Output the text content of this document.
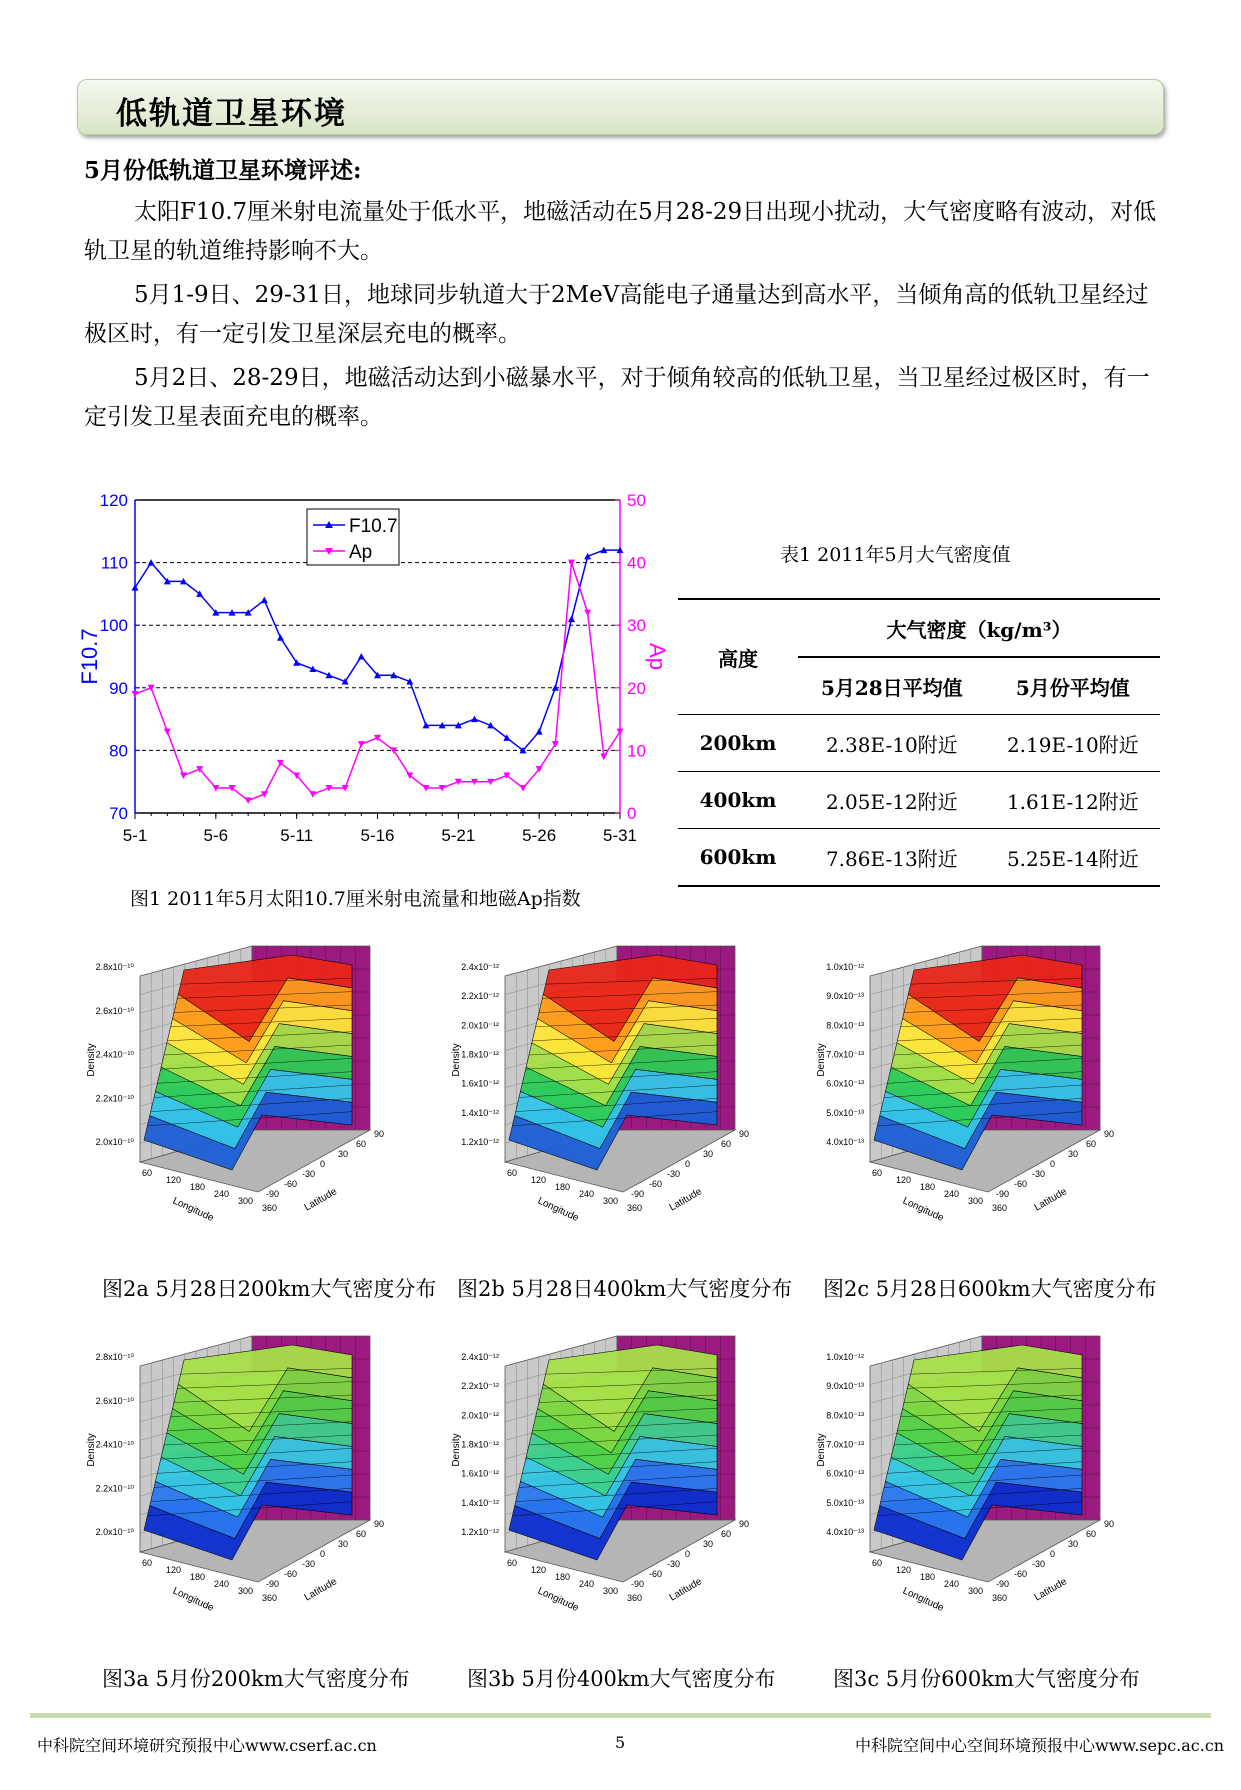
低轨道卫星环境
5月份低轨道卫星环境评述:
太阳F10.7厘米射电流量处于低水平，地磁活动在5月28-29日出现小扰动，大气密度略有波动，对低轨卫星的轨道维持影响不大。
5月1-9日、29-31日，地球同步轨道大于2MeV高能电子通量达到高水平，当倾角高的低轨卫星经过极区时，有一定引发卫星深层充电的概率。
5月2日、28-29日，地磁活动达到小磁暴水平，对于倾角较高的低轨卫星，当卫星经过极区时，有一定引发卫星表面充电的概率。
70
80
90
100
110
120
0
10
20
30
40
50
5-1	5-6	5-11	5-16	5-21	5-26	5-31
F10.7	Ap
F10.7
Ap
图1 2011年5月太阳10.7厘米射电流量和地磁Ap指数
表1 2011年5月大气密度值
高度	大气密度（kg/m³）	
	5月28日平均值	5月份平均值
200km	2.38E-10附近	2.19E-10附近
400km	2.05E-12附近	1.61E-12附近
600km	7.86E-13附近	5.25E-14附近
2.0x10⁻¹⁰
2.2x10⁻¹⁰
2.4x10⁻¹⁰
2.6x10⁻¹⁰
2.8x10⁻¹⁰
Density
60
120
180
240
300
360
Longitude
90
60
30
0
-30
-60
-90 Latitude
1.2x10⁻¹²
1.4x10⁻¹²
1.6x10⁻¹²
1.8x10⁻¹²
2.0x10⁻¹²
2.2x10⁻¹²
2.4x10⁻¹²
Density
60
120
180
240
300
360
Longitude
90
60
30
0
-30
-60
-90 Latitude
4.0x10⁻¹³
5.0x10⁻¹³
6.0x10⁻¹³
7.0x10⁻¹³
8.0x10⁻¹³
9.0x10⁻¹³
1.0x10⁻¹²
Density
60
120
180
240
300
360
Longitude
90
60
30
0
-30
-60
-90 Latitude
2.0x10⁻¹⁰
2.2x10⁻¹⁰
2.4x10⁻¹⁰
2.6x10⁻¹⁰
2.8x10⁻¹⁰
Density
60
120
180
240
300
360
Longitude
90
60
30
0
-30
-60
-90 Latitude
1.2x10⁻¹²
1.4x10⁻¹²
1.6x10⁻¹²
1.8x10⁻¹²
2.0x10⁻¹²
2.2x10⁻¹²
2.4x10⁻¹²
Density
60
120
180
240
300
360
Longitude
90
60
30
0
-30
-60
-90 Latitude
4.0x10⁻¹³
5.0x10⁻¹³
6.0x10⁻¹³
7.0x10⁻¹³
8.0x10⁻¹³
9.0x10⁻¹³
1.0x10⁻¹²
Density
60
120
180
240
300
360
Longitude
90
60
30
0
-30
-60
-90 Latitude
图2a 5月28日200km大气密度分布 图2b 5月28日400km大气密度分布 图2c 5月28日600km大气密度分布
图3a 5月份200km大气密度分布	图3b 5月份400km大气密度分布	图3c 5月份600km大气密度分布
中科院空间环境研究预报中心www.cserf.ac.cn	5	中科院空间中心空间环境预报中心www.sepc.ac.cn
